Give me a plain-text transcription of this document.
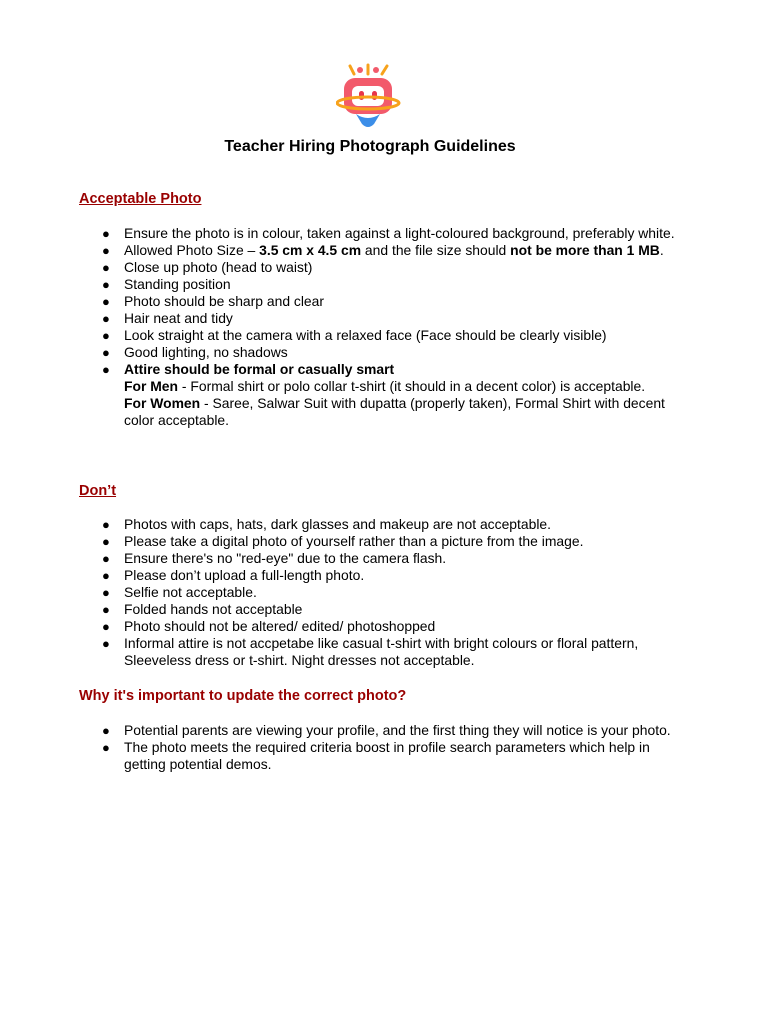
Teacher Hiring Photograph Guidelines
Acceptable Photo
● Ensure the photo is in colour, taken against a light-coloured background, preferably white.
● Allowed Photo Size – 3.5 cm x 4.5 cm and the file size should not be more than 1 MB.
● Close up photo (head to waist)
● Standing position
● Photo should be sharp and clear
● Hair neat and tidy
● Look straight at the camera with a relaxed face (Face should be clearly visible)
● Good lighting, no shadows
● Attire should be formal or casually smart
For Men - Formal shirt or polo collar t-shirt (it should in a decent color) is acceptable.
For Women - Saree, Salwar Suit with dupatta (properly taken), Formal Shirt with decent color acceptable.
Don’t
● Photos with caps, hats, dark glasses and makeup are not acceptable.
● Please take a digital photo of yourself rather than a picture from the image.
● Ensure there's no "red-eye" due to the camera flash.
● Please don’t upload a full-length photo.
● Selfie not acceptable.
● Folded hands not acceptable
● Photo should not be altered/ edited/ photoshopped
● Informal attire is not accpetabe like casual t-shirt with bright colours or floral pattern, Sleeveless dress or t-shirt. Night dresses not acceptable.
Why it's important to update the correct photo?
● Potential parents are viewing your profile, and the first thing they will notice is your photo.
● The photo meets the required criteria boost in profile search parameters which help in getting potential demos.
